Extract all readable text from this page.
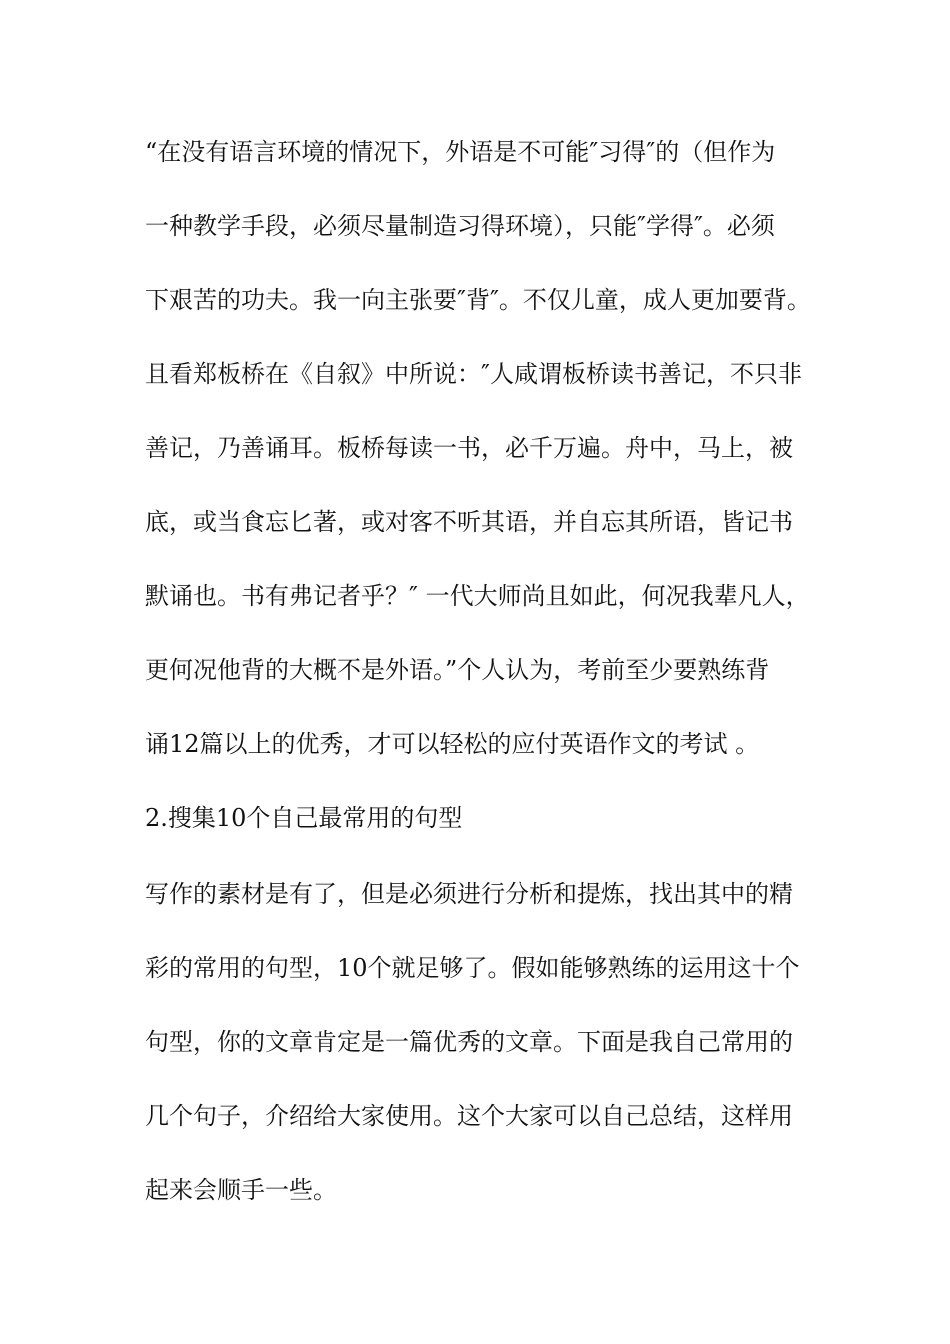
“在没有语言环境的情况下，外语是不可能″习得″的（但作为
一种教学手段，必须尽量制造习得环境），只能″学得″。必须
下艰苦的功夫。我一向主张要″背″。不仅儿童，成人更加要背。
且看郑板桥在《自叙》中所说：″人咸谓板桥读书善记，不只非
善记，乃善诵耳。板桥每读一书，必千万遍。舟中，马上，被
底，或当食忘匕著，或对客不听其语，并自忘其所语，皆记书
默诵也。书有弗记者乎？″ 一代大师尚且如此，何况我辈凡人，
更何况他背的大概不是外语。”个人认为，考前至少要熟练背
诵12篇以上的优秀，才可以轻松的应付英语作文的考试 。
2.搜集10个自己最常用的句型
写作的素材是有了，但是必须进行分析和提炼，找出其中的精
彩的常用的句型，10个就足够了。假如能够熟练的运用这十个
句型，你的文章肯定是一篇优秀的文章。下面是我自己常用的
几个句子，介绍给大家使用。这个大家可以自己总结，这样用
起来会顺手一些。
